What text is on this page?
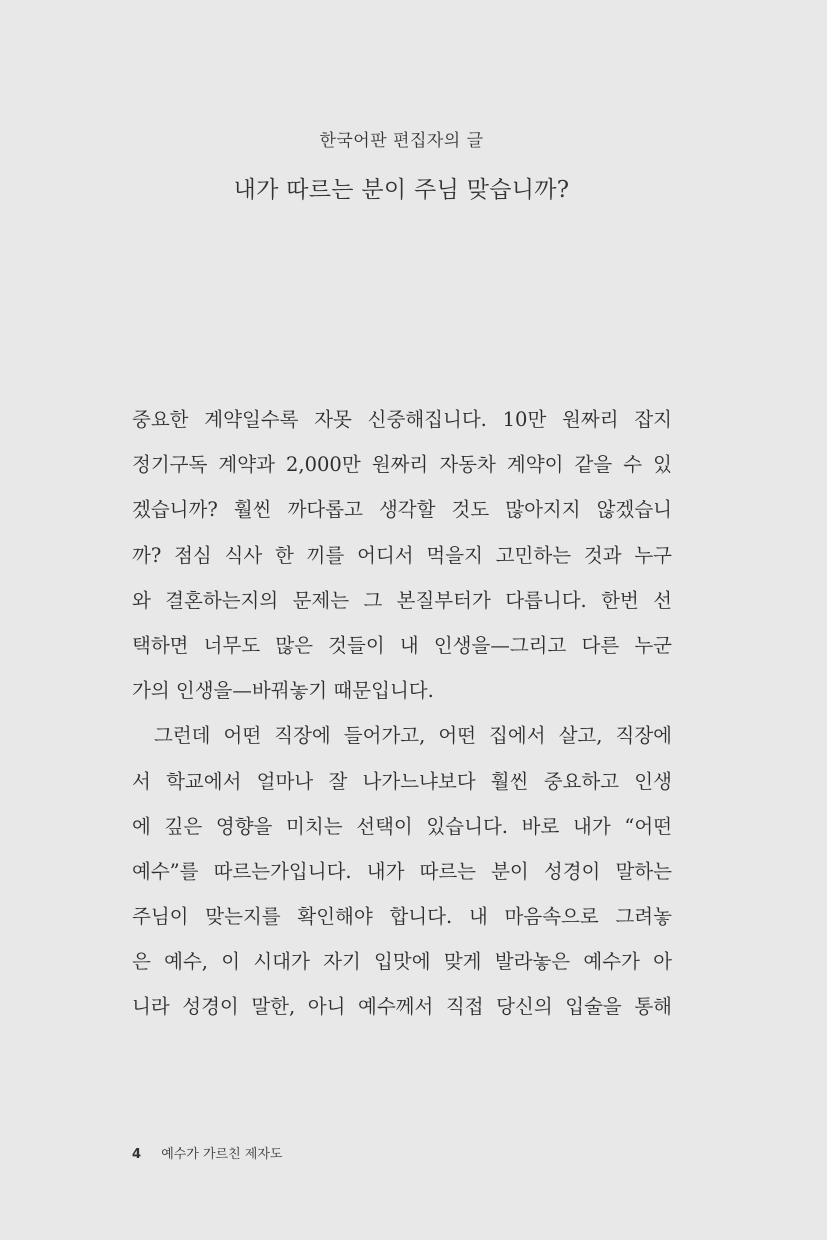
한국어판 편집자의 글
내가 따르는 분이 주님 맞습니까?
중요한 계약일수록 자못 신중해집니다. 10만 원짜리 잡지
정기구독 계약과 2,000만 원짜리 자동차 계약이 같을 수 있
겠습니까? 훨씬 까다롭고 생각할 것도 많아지지 않겠습니
까? 점심 식사 한 끼를 어디서 먹을지 고민하는 것과 누구
와 결혼하는지의 문제는 그 본질부터가 다릅니다. 한번 선
택하면 너무도 많은 것들이 내 인생을—그리고 다른 누군
가의 인생을—바꿔놓기 때문입니다.
그런데 어떤 직장에 들어가고, 어떤 집에서 살고, 직장에
서 학교에서 얼마나 잘 나가느냐보다 훨씬 중요하고 인생
에 깊은 영향을 미치는 선택이 있습니다. 바로 내가 “어떤
예수”를 따르는가입니다. 내가 따르는 분이 성경이 말하는
주님이 맞는지를 확인해야 합니다. 내 마음속으로 그려놓
은 예수, 이 시대가 자기 입맛에 맞게 발라놓은 예수가 아
니라 성경이 말한, 아니 예수께서 직접 당신의 입술을 통해
4 예수가 가르친 제자도
